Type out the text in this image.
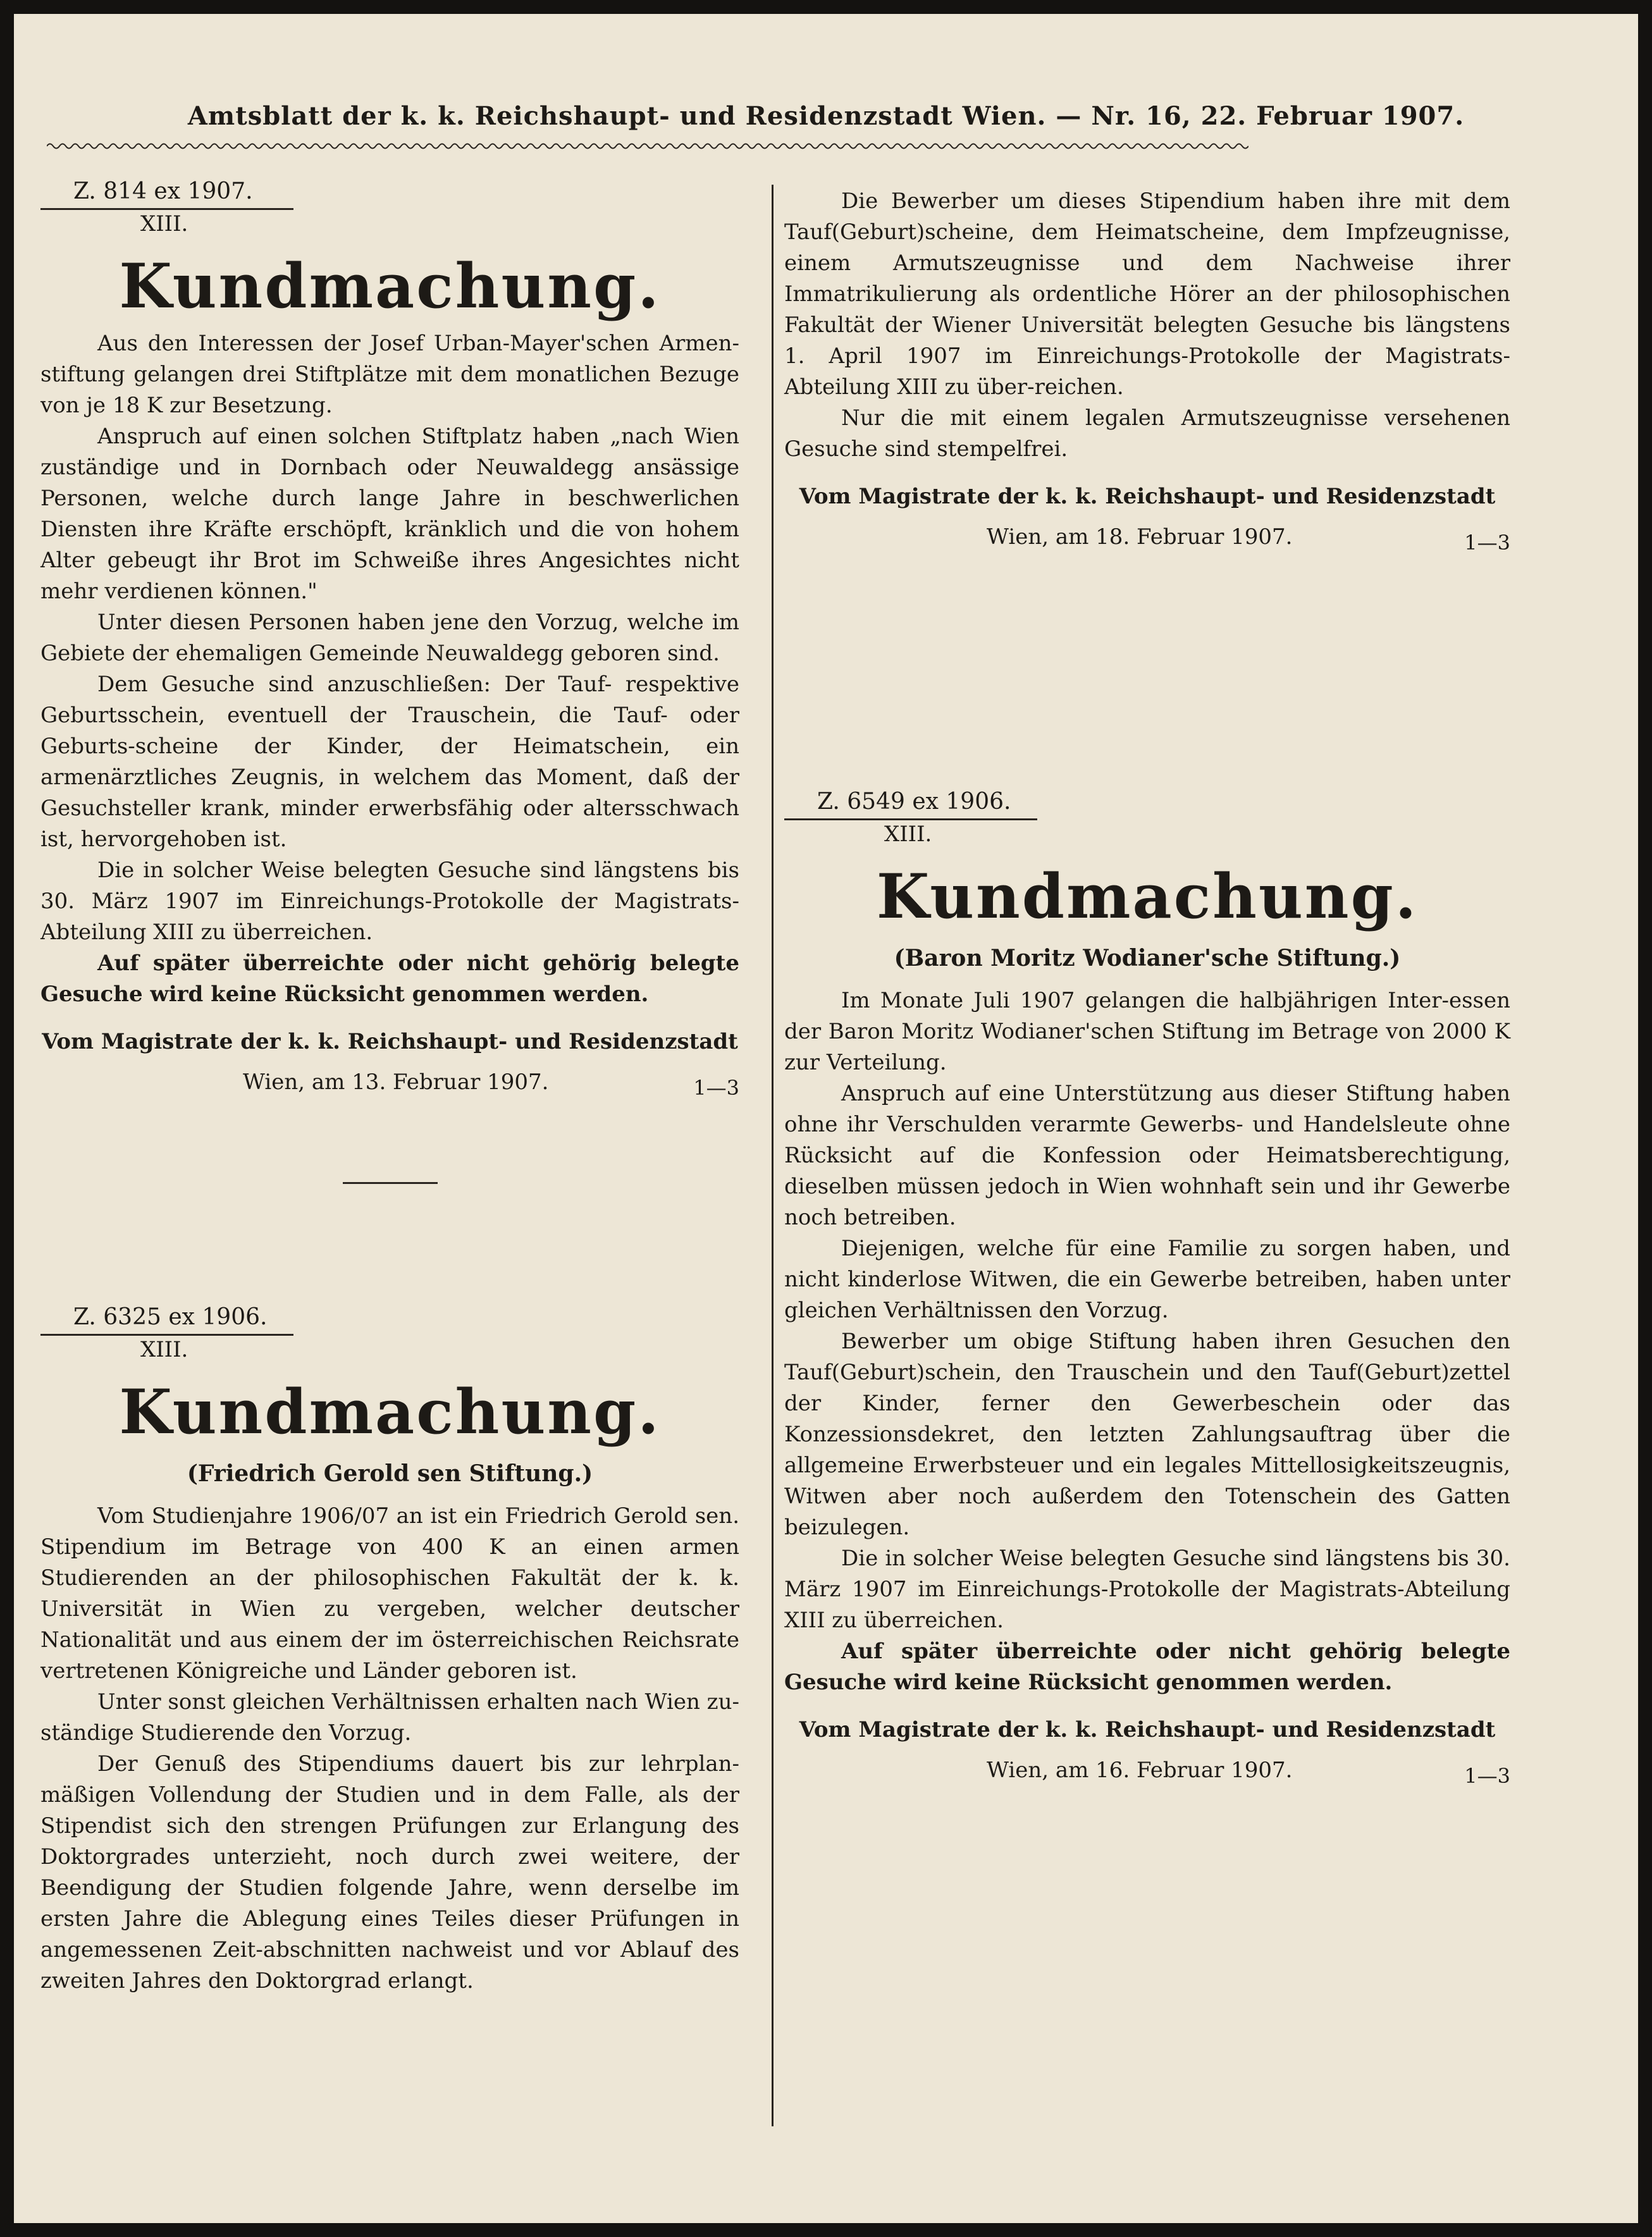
Amtsblatt der k. k. Reichshaupt- und Residenzstadt Wien. — Nr. 16, 22. Februar 1907.
Z. 814 ex 1907.
XIII.
Kundmachung.

Aus den Interessen der Josef Urban-Mayer'schen Armen-stiftung gelangen drei Stiftplätze mit dem monatlichen Bezuge von je 18 K zur Besetzung.

Anspruch auf einen solchen Stiftplatz haben „nach Wien zuständige und in Dornbach oder Neuwaldegg ansässige Personen, welche durch lange Jahre in beschwerlichen Diensten ihre Kräfte erschöpft, kränklich und die von hohem Alter gebeugt ihr Brot im Schweiße ihres Angesichtes nicht mehr verdienen können."

Unter diesen Personen haben jene den Vorzug, welche im Gebiete der ehemaligen Gemeinde Neuwaldegg geboren sind.

Dem Gesuche sind anzuschließen: Der Tauf- respektive Geburtsschein, eventuell der Trauschein, die Tauf- oder Geburts-scheine der Kinder, der Heimatschein, ein armenärztliches Zeugnis, in welchem das Moment, daß der Gesuchsteller krank, minder erwerbsfähig oder altersschwach ist, hervorgehoben ist.

Die in solcher Weise belegten Gesuche sind längstens bis 30. März 1907 im Einreichungs-Protokolle der Magistrats-Abteilung XIII zu überreichen.

Auf später überreichte oder nicht gehörig belegte Gesuche wird keine Rücksicht genommen werden.

Vom Magistrate der k. k. Reichshaupt- und Residenzstadt
Wien, am 13. Februar 1907.	1—3
Z. 6325 ex 1906.
XIII.
Kundmachung.
(Friedrich Gerold sen Stiftung.)

Vom Studienjahre 1906/07 an ist ein Friedrich Gerold sen. Stipendium im Betrage von 400 K an einen armen Studierenden an der philosophischen Fakultät der k. k. Universität in Wien zu vergeben, welcher deutscher Nationalität und aus einem der im österreichischen Reichsrate vertretenen Königreiche und Länder geboren ist.

Unter sonst gleichen Verhältnissen erhalten nach Wien zu-ständige Studierende den Vorzug.

Der Genuß des Stipendiums dauert bis zur lehrplan-mäßigen Vollendung der Studien und in dem Falle, als der Stipendist sich den strengen Prüfungen zur Erlangung des Doktorgrades unterzieht, noch durch zwei weitere, der Beendigung der Studien folgende Jahre, wenn derselbe im ersten Jahre die Ablegung eines Teiles dieser Prüfungen in angemessenen Zeit-abschnitten nachweist und vor Ablauf des zweiten Jahres den Doktorgrad erlangt.

Die Bewerber um dieses Stipendium haben ihre mit dem Tauf(Geburt)scheine, dem Heimatscheine, dem Impfzeugnisse, einem Armutszeugnisse und dem Nachweise ihrer Immatrikulierung als ordentliche Hörer an der philosophischen Fakultät der Wiener Universität belegten Gesuche bis längstens 1. April 1907 im Einreichungs-Protokolle der Magistrats-Abteilung XIII zu über-reichen.

Nur die mit einem legalen Armutszeugnisse versehenen Gesuche sind stempelfrei.

Vom Magistrate der k. k. Reichshaupt- und Residenzstadt
Wien, am 18. Februar 1907.	1—3
Z. 6549 ex 1906.
XIII.
Kundmachung.
(Baron Moritz Wodianer'sche Stiftung.)

Im Monate Juli 1907 gelangen die halbjährigen Inter-essen der Baron Moritz Wodianer'schen Stiftung im Betrage von 2000 K zur Verteilung.

Anspruch auf eine Unterstützung aus dieser Stiftung haben ohne ihr Verschulden verarmte Gewerbs- und Handelsleute ohne Rücksicht auf die Konfession oder Heimatsberechtigung, dieselben müssen jedoch in Wien wohnhaft sein und ihr Gewerbe noch betreiben.

Diejenigen, welche für eine Familie zu sorgen haben, und nicht kinderlose Witwen, die ein Gewerbe betreiben, haben unter gleichen Verhältnissen den Vorzug.

Bewerber um obige Stiftung haben ihren Gesuchen den Tauf(Geburt)schein, den Trauschein und den Tauf(Geburt)zettel der Kinder, ferner den Gewerbeschein oder das Konzessionsdekret, den letzten Zahlungsauftrag über die allgemeine Erwerbsteuer und ein legales Mittellosigkeitszeugnis, Witwen aber noch außerdem den Totenschein des Gatten beizulegen.

Die in solcher Weise belegten Gesuche sind längstens bis 30. März 1907 im Einreichungs-Protokolle der Magistrats-Abteilung XIII zu überreichen.

Auf später überreichte oder nicht gehörig belegte Gesuche wird keine Rücksicht genommen werden.

Vom Magistrate der k. k. Reichshaupt- und Residenzstadt
Wien, am 16. Februar 1907.	1—3
